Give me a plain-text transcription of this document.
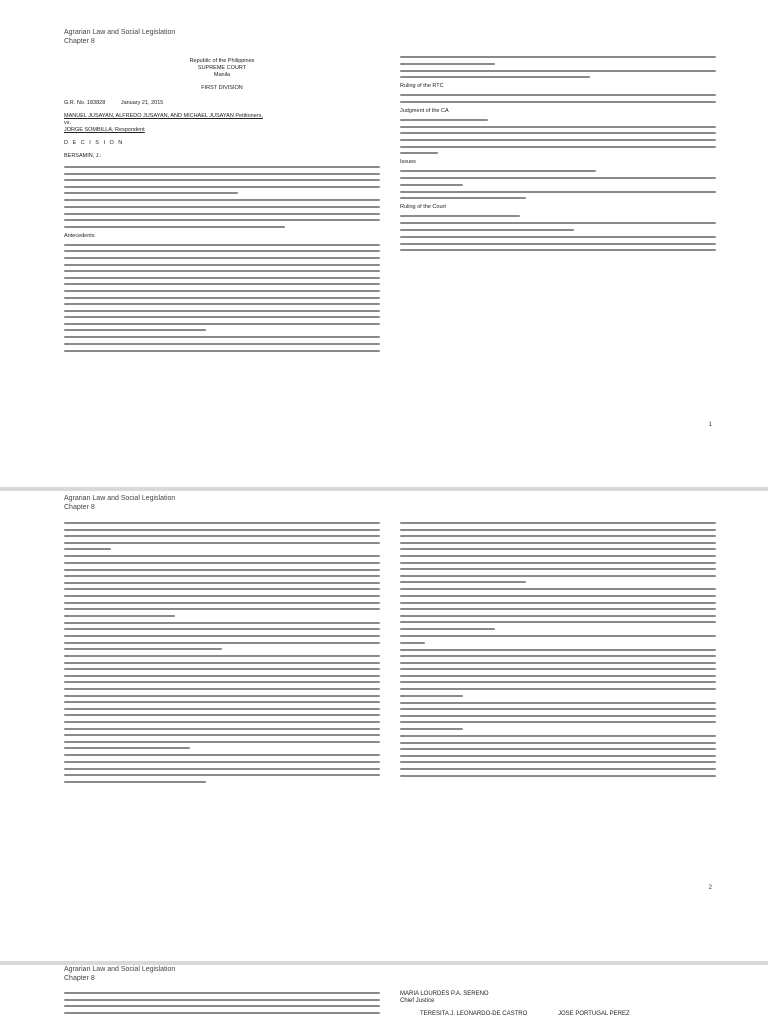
Agrarian Law and Social Legislation
Chapter 8
Republic of the Philippines
SUPREME COURT
Manila
FIRST DIVISION
G.R. No. 183828	January 21, 2015
MANUEL JUSAYAN, ALFREDO JUSAYAN, AND MICHAEL JUSAYAN Petitioners,
vs.
JORGE SOMBILLA, Respondent
D E C I S I O N
BERSAMIN, J.:
Antecedents
Ruling of the RTC
Judgment of the CA
Issues
Ruling of the Court
1
Agrarian Law and Social Legislation
Chapter 8
2
Agrarian Law and Social Legislation
Chapter 8
MARIA LOURDES P.A. SERENO
Chief Justice
TERESITA J. LEONARDO-DE CASTRO	JOSE PORTUGAL PEREZ
